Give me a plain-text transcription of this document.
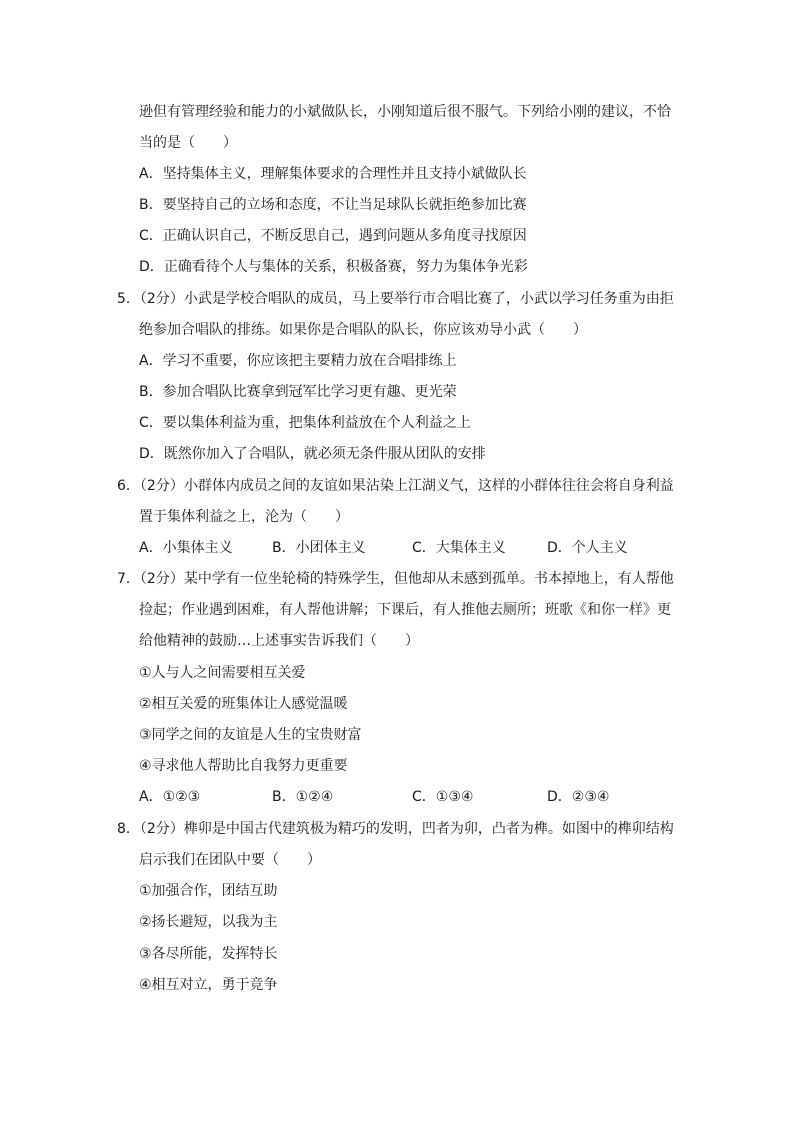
逊但有管理经验和能力的小斌做队长，小刚知道后很不服气。下列给小刚的建议，不恰
当的是（　　）
A．坚持集体主义，理解集体要求的合理性并且支持小斌做队长
B．要坚持自己的立场和态度，不让当足球队长就拒绝参加比赛
C．正确认识自己，不断反思自己，遇到问题从多角度寻找原因
D．正确看待个人与集体的关系，积极备赛，努力为集体争光彩
5．（2分）小武是学校合唱队的成员，马上要举行市合唱比赛了，小武以学习任务重为由拒
绝参加合唱队的排练。如果你是合唱队的队长，你应该劝导小武（　　）
A．学习不重要，你应该把主要精力放在合唱排练上
B．参加合唱队比赛拿到冠军比学习更有趣、更光荣
C．要以集体利益为重，把集体利益放在个人利益之上
D．既然你加入了合唱队，就必须无条件服从团队的安排
6．（2分）小群体内成员之间的友谊如果沾染上江湖义气，这样的小群体往往会将自身利益
置于集体利益之上，沦为（　　）
A．小集体主义	B．小团体主义	C．大集体主义	D．个人主义
7．（2分）某中学有一位坐轮椅的特殊学生，但他却从未感到孤单。书本掉地上，有人帮他
捡起；作业遇到困难，有人帮他讲解；下课后，有人推他去厕所；班歌《和你一样》更
给他精神的鼓励…上述事实告诉我们（　　）
①人与人之间需要相互关爱
②相互关爱的班集体让人感觉温暖
③同学之间的友谊是人生的宝贵财富
④寻求他人帮助比自我努力更重要
A．①②③	B．①②④	C．①③④	D．②③④
8．（2分）榫卯是中国古代建筑极为精巧的发明，凹者为卯，凸者为榫。如图中的榫卯结构
启示我们在团队中要（　　）
①加强合作，团结互助
②扬长避短，以我为主
③各尽所能，发挥特长
④相互对立，勇于竞争
